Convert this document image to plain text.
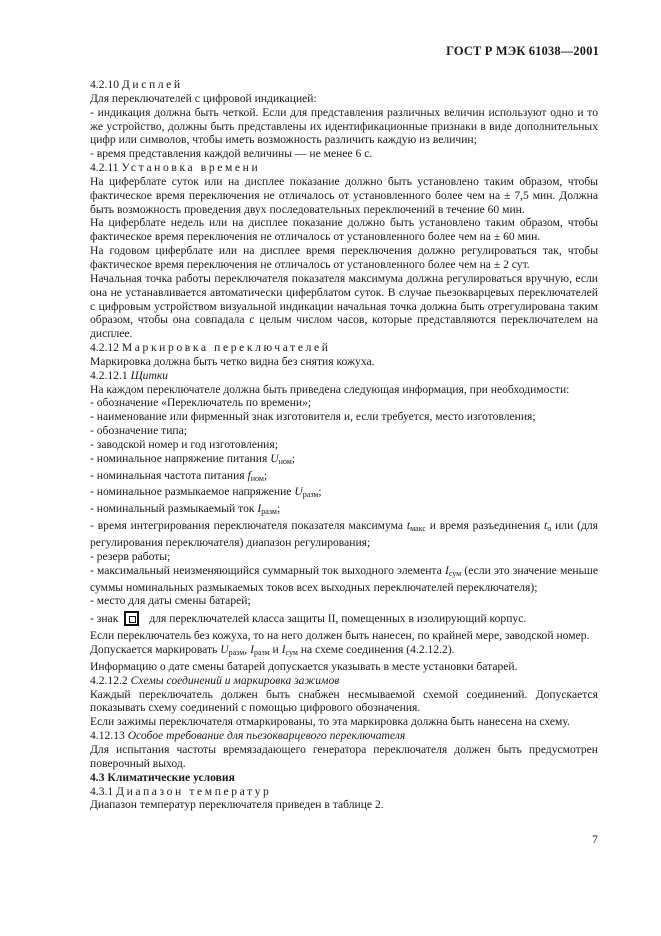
ГОСТ Р МЭК 61038—2001

4.2.10 Дисплей

Для переключателей с цифровой индикацией:

- индикация должна быть четкой. Если для представления различных величин используют одно и то же устройство, должны быть представлены их идентификационные признаки в виде дополнительных цифр или символов, чтобы иметь возможность различить каждую из величин;

- время представления каждой величины — не менее 6 с.

4.2.11 Установка времени

На циферблате суток или на дисплее показание должно быть установлено таким образом, чтобы фактическое время переключения не отличалось от установленного более чем на ± 7,5 мин. Должна быть возможность проведения двух последовательных переключений в течение 60 мин.

На циферблате недель или на дисплее показание должно быть установлено таким образом, чтобы фактическое время переключения не отличалось от установленного более чем на ± 60 мин.

На годовом циферблате или на дисплее время переключения должно регулироваться так, чтобы фактическое время переключения не отличалось от установленного более чем на ± 2 сут.

Начальная точка работы переключателя показателя максимума должна регулироваться вручную, если она не устанавливается автоматически циферблатом суток. В случае пьезокварцевых переключателей с цифровым устройством визуальной индикации начальная точка должна быть отрегулирована таким образом, чтобы она совпадала с целым числом часов, которые представляются переключателем на дисплее.

4.2.12 Маркировка переключателей

Маркировка должна быть четко видна без снятия кожуха.

4.2.12.1 Щитки

На каждом переключателе должна быть приведена следующая информация, при необходимости:

- обозначение «Переключатель по времени»;

- наименование или фирменный знак изготовителя и, если требуется, место изготовления;

- обозначение типа;

- заводской номер и год изготовления;

- номинальное напряжение питания $U_{ном}$;

- номинальная частота питания $f_{ном}$;

- номинальное размыкаемое напряжение $U_{разм}$;

- номинальный размыкаемый ток $I_{разм}$;

- время интегрирования переключателя показателя максимума $t_{макс}$ и время разъединения $t_o$ или (для регулирования переключателя) диапазон регулирования;

- резерв работы;

- максимальный неизменяющийся суммарный ток выходного элемента $I_{сум}$ (если это значение меньше суммы номинальных размыкаемых токов всех выходных переключателей переключателя);

- место для даты смены батарей;

- знак	для переключателей класса защиты II, помещенных в изолирующий корпус.

Если переключатель без кожуха, то на него должен быть нанесен, по крайней мере, заводской номер.

Допускается маркировать $U_{разм}$, $I_{разм}$ и $I_{сум}$ на схеме соединения (4.2.12.2).

Информацию о дате смены батарей допускается указывать в месте установки батарей.

4.2.12.2 Схемы соединений и маркировка зажимов

Каждый переключатель должен быть снабжен несмываемой схемой соединений. Допускается показывать схему соединений с помощью цифрового обозначения.

Если зажимы переключателя отмаркированы, то эта маркировка должна быть нанесена на схему.

4.12.13 Особое требование для пьезокварцевого переключателя

Для испытания частоты времязадающего генератора переключателя должен быть предусмотрен поверочный выход.

4.3 Климатические условия

4.3.1 Диапазон температур

Диапазон температур переключателя приведен в таблице 2.

7
